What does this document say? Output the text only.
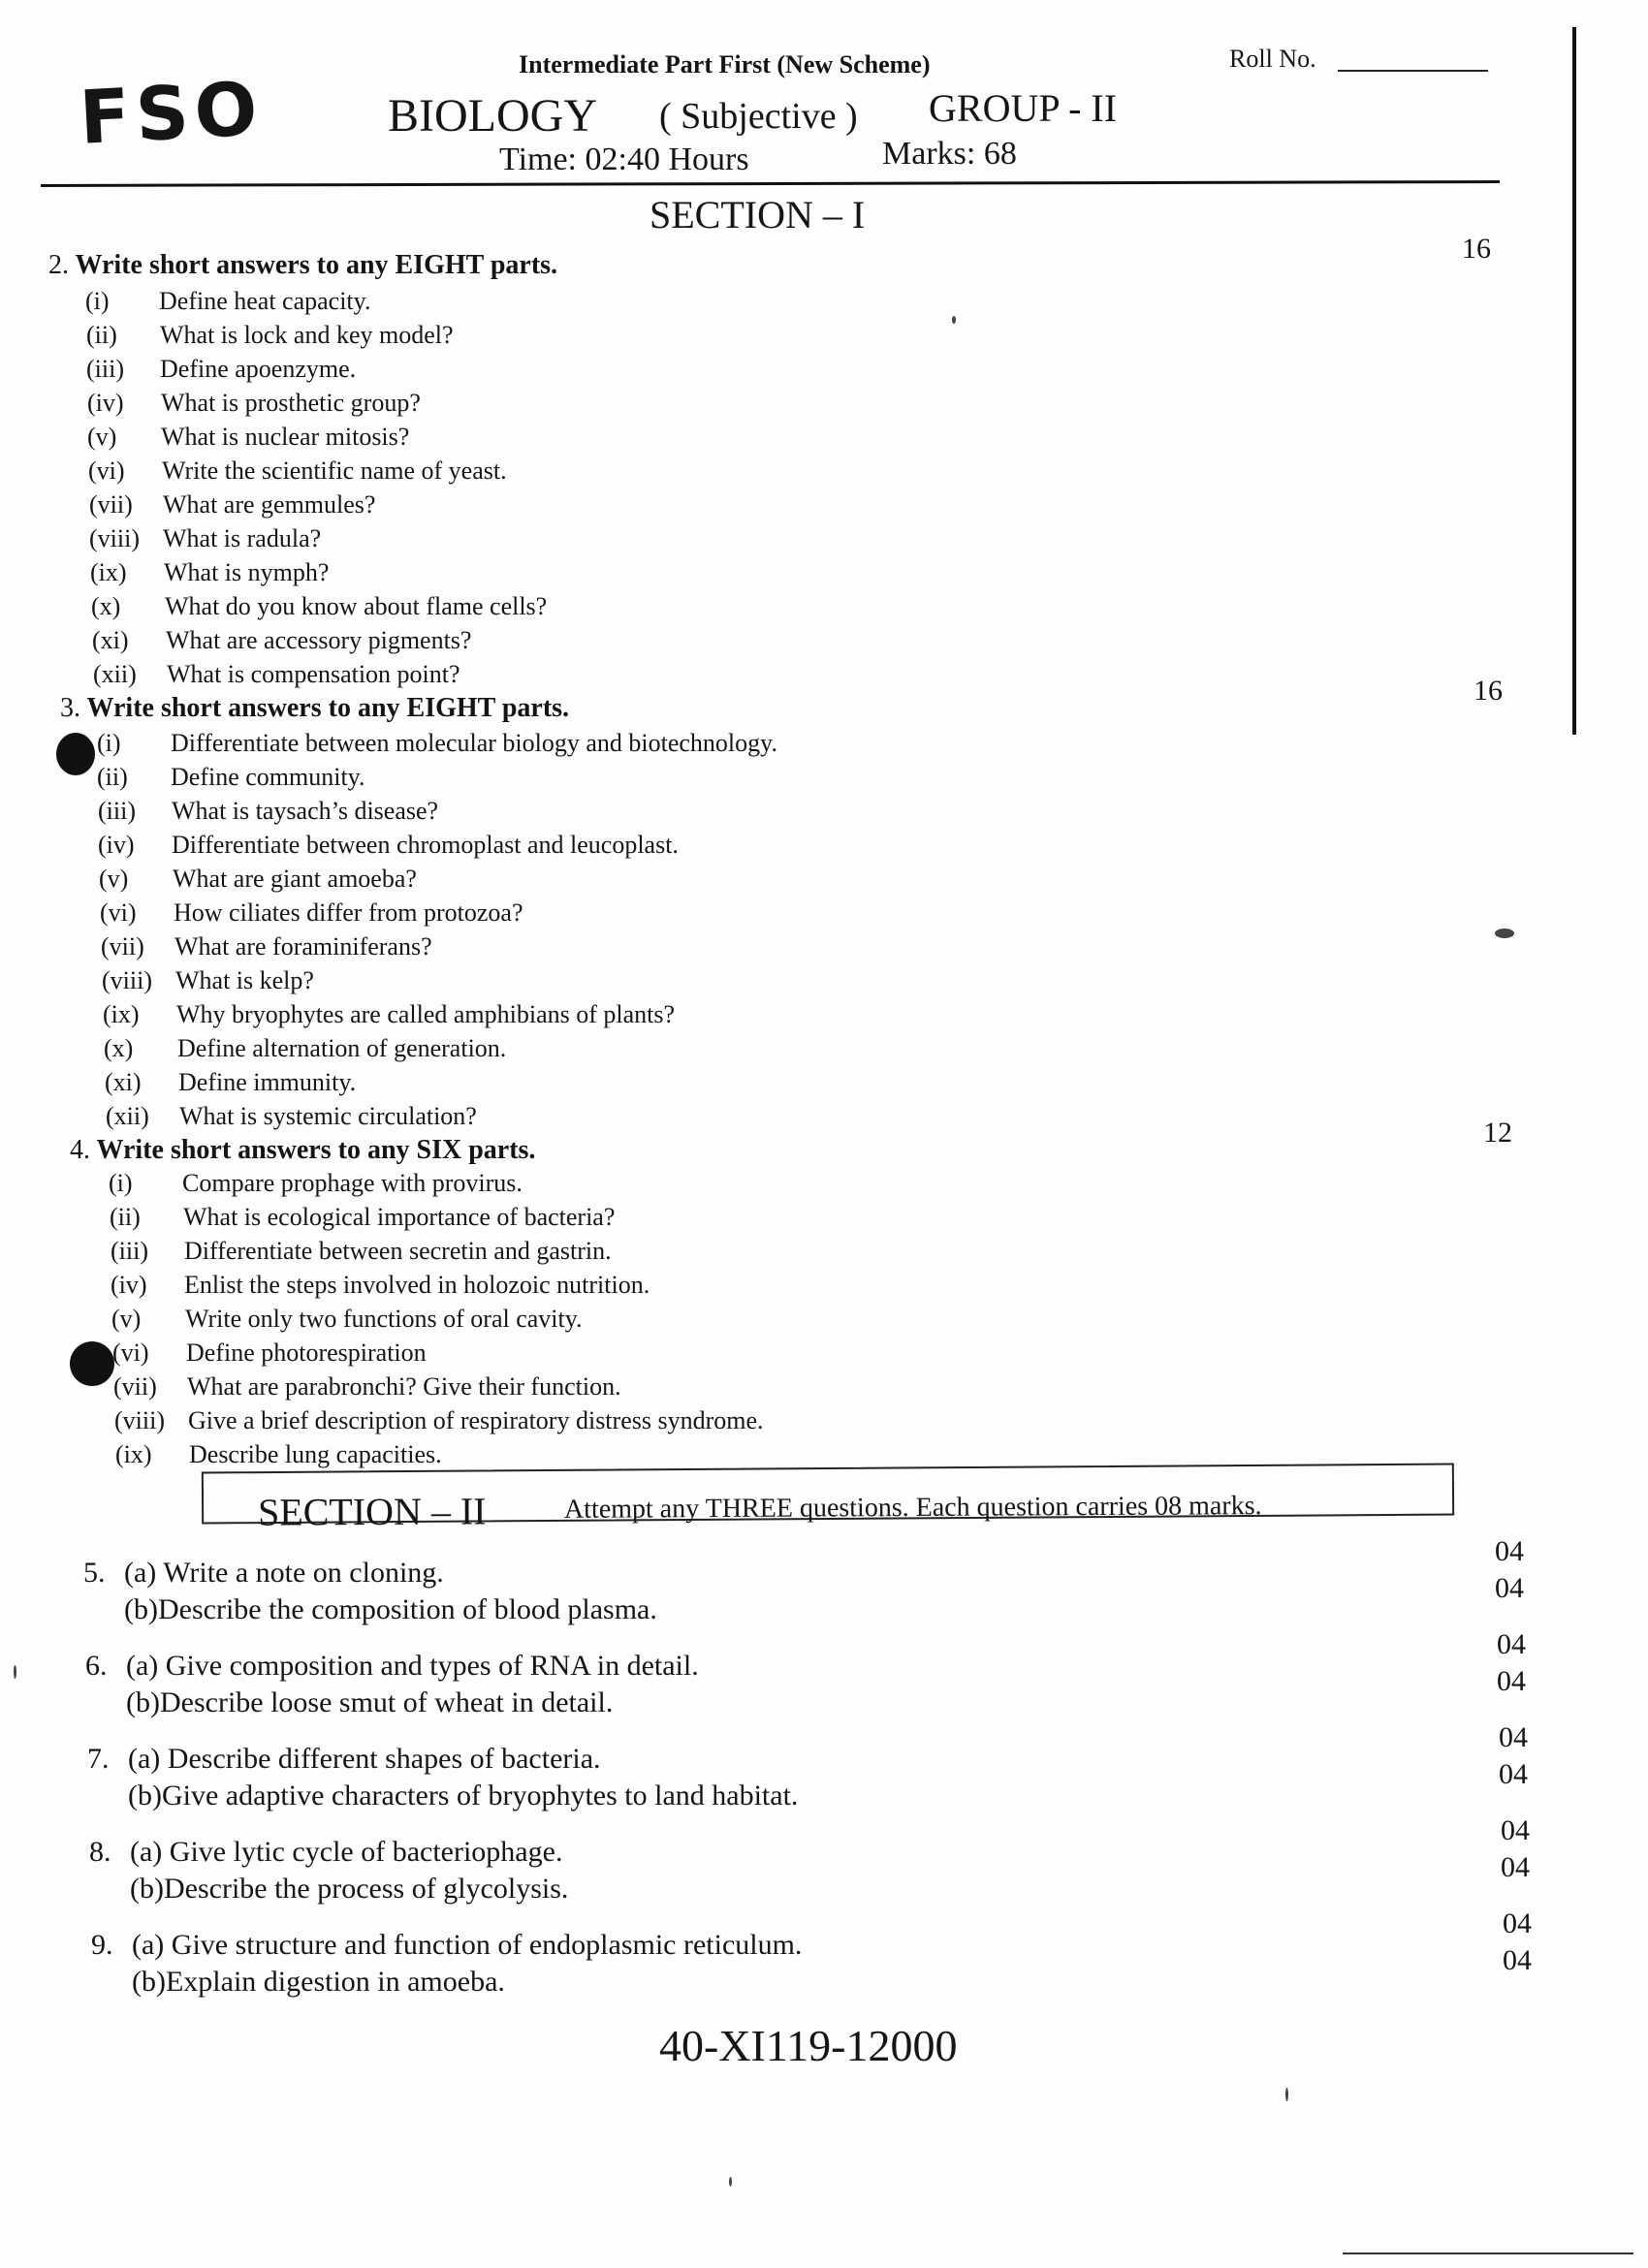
FSO
Intermediate Part First (New Scheme)	Roll No.
BIOLOGY ( Subjective ) GROUP - II
Time: 02:40 Hours	Marks: 68
SECTION – I
2. Write short answers to any EIGHT parts.
16
(i) Define heat capacity.
(ii) What is lock and key model?
(iii) Define apoenzyme.
(iv) What is prosthetic group?
(v) What is nuclear mitosis?
(vi) Write the scientific name of yeast.
(vii) What are gemmules?
(viii) What is radula?
(ix) What is nymph?
(x) What do you know about flame cells?
(xi) What are accessory pigments?
(xii) What is compensation point?
3. Write short answers to any EIGHT parts.
16
(i) Differentiate between molecular biology and biotechnology.
(ii) Define community.
(iii) What is taysach’s disease?
(iv) Differentiate between chromoplast and leucoplast.
(v) What are giant amoeba?
(vi) How ciliates differ from protozoa?
(vii) What are foraminiferans?
(viii) What is kelp?
(ix) Why bryophytes are called amphibians of plants?
(x) Define alternation of generation.
(xi) Define immunity.
(xii) What is systemic circulation?
4. Write short answers to any SIX parts.
12
(i) Compare prophage with provirus.
(ii) What is ecological importance of bacteria?
(iii) Differentiate between secretin and gastrin.
(iv) Enlist the steps involved in holozoic nutrition.
(v) Write only two functions of oral cavity.
(vi) Define photorespiration
(vii) What are parabronchi? Give their function.
(viii) Give a brief description of respiratory distress syndrome.
(ix) Describe lung capacities.
SECTION – II	Attempt any THREE questions. Each question carries 08 marks.
5. (a) Write a note on cloning.
(b)Describe the composition of blood plasma.
04
04
6. (a) Give composition and types of RNA in detail.
(b)Describe loose smut of wheat in detail.
04
04
7. (a) Describe different shapes of bacteria.
(b)Give adaptive characters of bryophytes to land habitat.
04
04
8. (a) Give lytic cycle of bacteriophage.
(b)Describe the process of glycolysis.
04
04
9. (a) Give structure and function of endoplasmic reticulum.
(b)Explain digestion in amoeba.
04
04
40-XI119-12000
